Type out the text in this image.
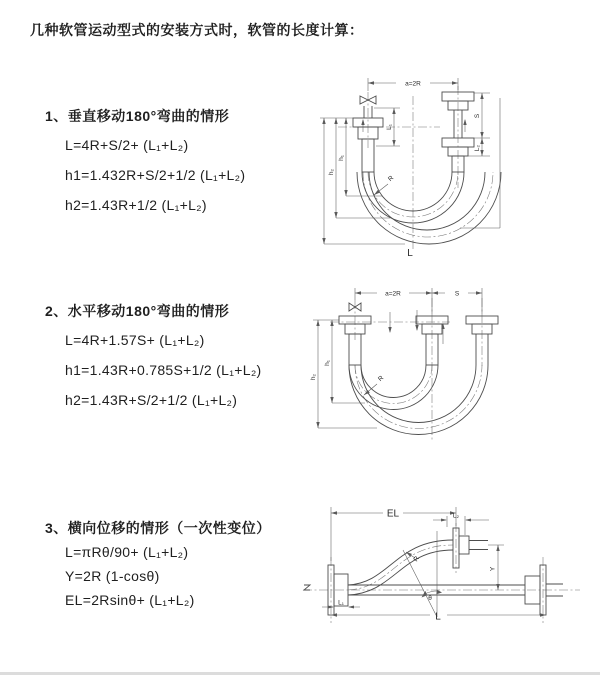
几种软管运动型式的安装方式时，软管的长度计算：
1、垂直移动180°弯曲的情形
L=4R+S/2+ (L₁+L₂)
h1=1.432R+S/2+1/2 (L₁+L₂)
h2=1.43R+1/2 (L₁+L₂)
2、水平移动180°弯曲的情形
L=4R+1.57S+ (L₁+L₂)
h1=1.43R+0.785S+1/2 (L₁+L₂)
h2=1.43R+S/2+1/2 (L₁+L₂)
3、横向位移的情形（一次性变位）
L=πRθ/90+ (L₁+L₂)
Y=2R (1-cosθ)
EL=2Rsinθ+ (L₁+L₂)
a=2R
L₁
S
L₂
h₁
h₂
R
L
a=2R	S
h₁
h₂	R
EL	L₂
Y
R
θ
L
L₁
